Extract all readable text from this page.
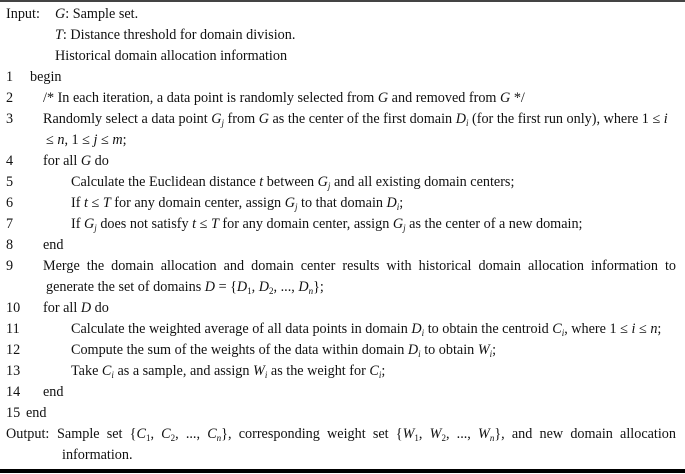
Input: G: Sample set.
T: Distance threshold for domain division.
Historical domain allocation information
1 begin
2 /* In each iteration, a data point is randomly selected from G and removed from G */
3 Randomly select a data point $G_j$ from G as the center of the first domain $D_i$ (for the first run only), where 1 ≤ i
≤ n, 1 ≤ j ≤ m;
4 for all G do
5	Calculate the Euclidean distance t between $G_j$ and all existing domain centers;
6	If t ≤ T for any domain center, assign $G_j$ to that domain $D_i$;
7	If $G_j$ does not satisfy t ≤ T for any domain center, assign $G_j$ as the center of a new domain;
8 end
9 Merge the domain allocation and domain center results with historical domain allocation information to
generate the set of domains $D = \{D_1$, $D_2$, ..., $D_n$};
10 for all D do
11	Calculate the weighted average of all data points in domain $D_i$ to obtain the centroid $C_i$, where 1 ≤ i ≤ n;
12	Compute the sum of the weights of the data within domain $D_i$ to obtain $W_i$;
13	Take $C_i$ as a sample, and assign $W_i$ as the weight for $C_i$;
14 end
15 end
Output: Sample set {$C_1$, $C_2$, ..., $C_n$}, corresponding weight set {$W_1$, $W_2$, ..., $W_n$}, and new domain allocation
information.
